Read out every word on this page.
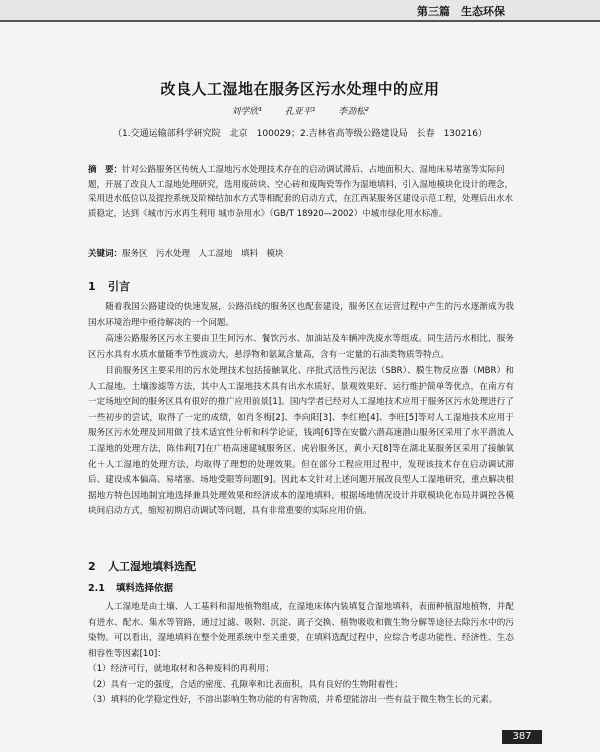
第三篇　生态环保
改良人工湿地在服务区污水处理中的应用
刘学欣¹	孔亚平¹	李劲松²
（1.交通运输部科学研究院　北京　100029；2.吉林省高等级公路建设局　长春　130216）
摘　要：针对公路服务区传统人工湿地污水处理技术存在的启动调试滞后、占地面积大、湿地床易堵塞等实际问题，开展了改良人工湿地处理研究，选用废砖块、空心砖和废陶瓷等作为湿地填料，引入湿地模块化设计的理念，采用进水低位以及提控系统及阶梯结加水方式等相配套的启动方式，在江西某服务区建设示范工程，处理后出水水质稳定，达到《城市污水再生利用 城市杂用水》（GB/T 18920—2002）中城市绿化用水标准。
关键词：服务区　污水处理　人工湿地　填料　模块
1 引言
随着我国公路建设的快速发展，公路沿线的服务区也配套建设，服务区在运营过程中产生的污水逐渐成为我国水环境治理中亟待解决的一个问题。
高速公路服务区污水主要由卫生间污水、餐饮污水、加油站及车辆冲洗废水等组成。同生活污水相比，服务区污水具有水质水量随季节性波动大，悬浮物和氨氮含量高，含有一定量的石油类物质等特点。
目前服务区主要采用的污水处理技术包括接触氧化、序批式活性污泥法（SBR）、膜生物反应器（MBR）和人工湿地、土壤渗滤等方法，其中人工湿地技术具有出水水质好、景观效果好、运行维护简单等优点，在南方有一定场地空间的服务区具有很好的推广应用前景[1]。国内学者已经对人工湿地技术应用于服务区污水处理进行了一些初步的尝试，取得了一定的成绩，如肖冬梅[2]、李向阳[3]、李红艳[4]、李旺[5]等对人工湿地技术应用于服务区污水处理及回用做了技术适宜性分析和科学论证，钱鸿[6]等在安徽六潜高速潜山服务区采用了水平潜流人工湿地的处理方法，陈伟莉[7]在广梧高速建城服务区、虎岩服务区，黄小天[8]等在湖北某服务区采用了接触氧化＋人工湿地的处理方法，均取得了理想的处理效果。但在部分工程应用过程中，发现该技术存在启动调试滞后、建设成本偏高、易堵塞、场地受限等问题[9]。因此本文针对上述问题开展改良型人工湿地研究，重点解决根据地方特色因地制宜地选择兼具处理效果和经济成本的湿地填料，根据场地情况设计并联模块化布局并调控各模块间启动方式，缩短初期启动调试等问题，具有非常重要的实际应用价值。
2 人工湿地填料选配
2.1 填料选择依据
人工湿地是由土壤、人工基料和湿地植物组成，在湿地床体内装填复合湿地填料，表面种植湿地植物，并配有进水、配水、集水等管路，通过过滤、吸附、沉淀、离子交换、植物吸收和微生物分解等途径去除污水中的污染物。可以看出，湿地填料在整个处理系统中至关重要，在填料选配过程中，应综合考虑功能性、经济性、生态相容性等因素[10]：
（1）经济可行，就地取材和各种废料的再利用；
（2）具有一定的强度，合适的密度、孔隙率和比表面积，具有良好的生物附着性；
（3）填料的化学稳定性好，不溶出影响生物功能的有害物质，并希望能溶出一些有益于微生物生长的元素。
387
